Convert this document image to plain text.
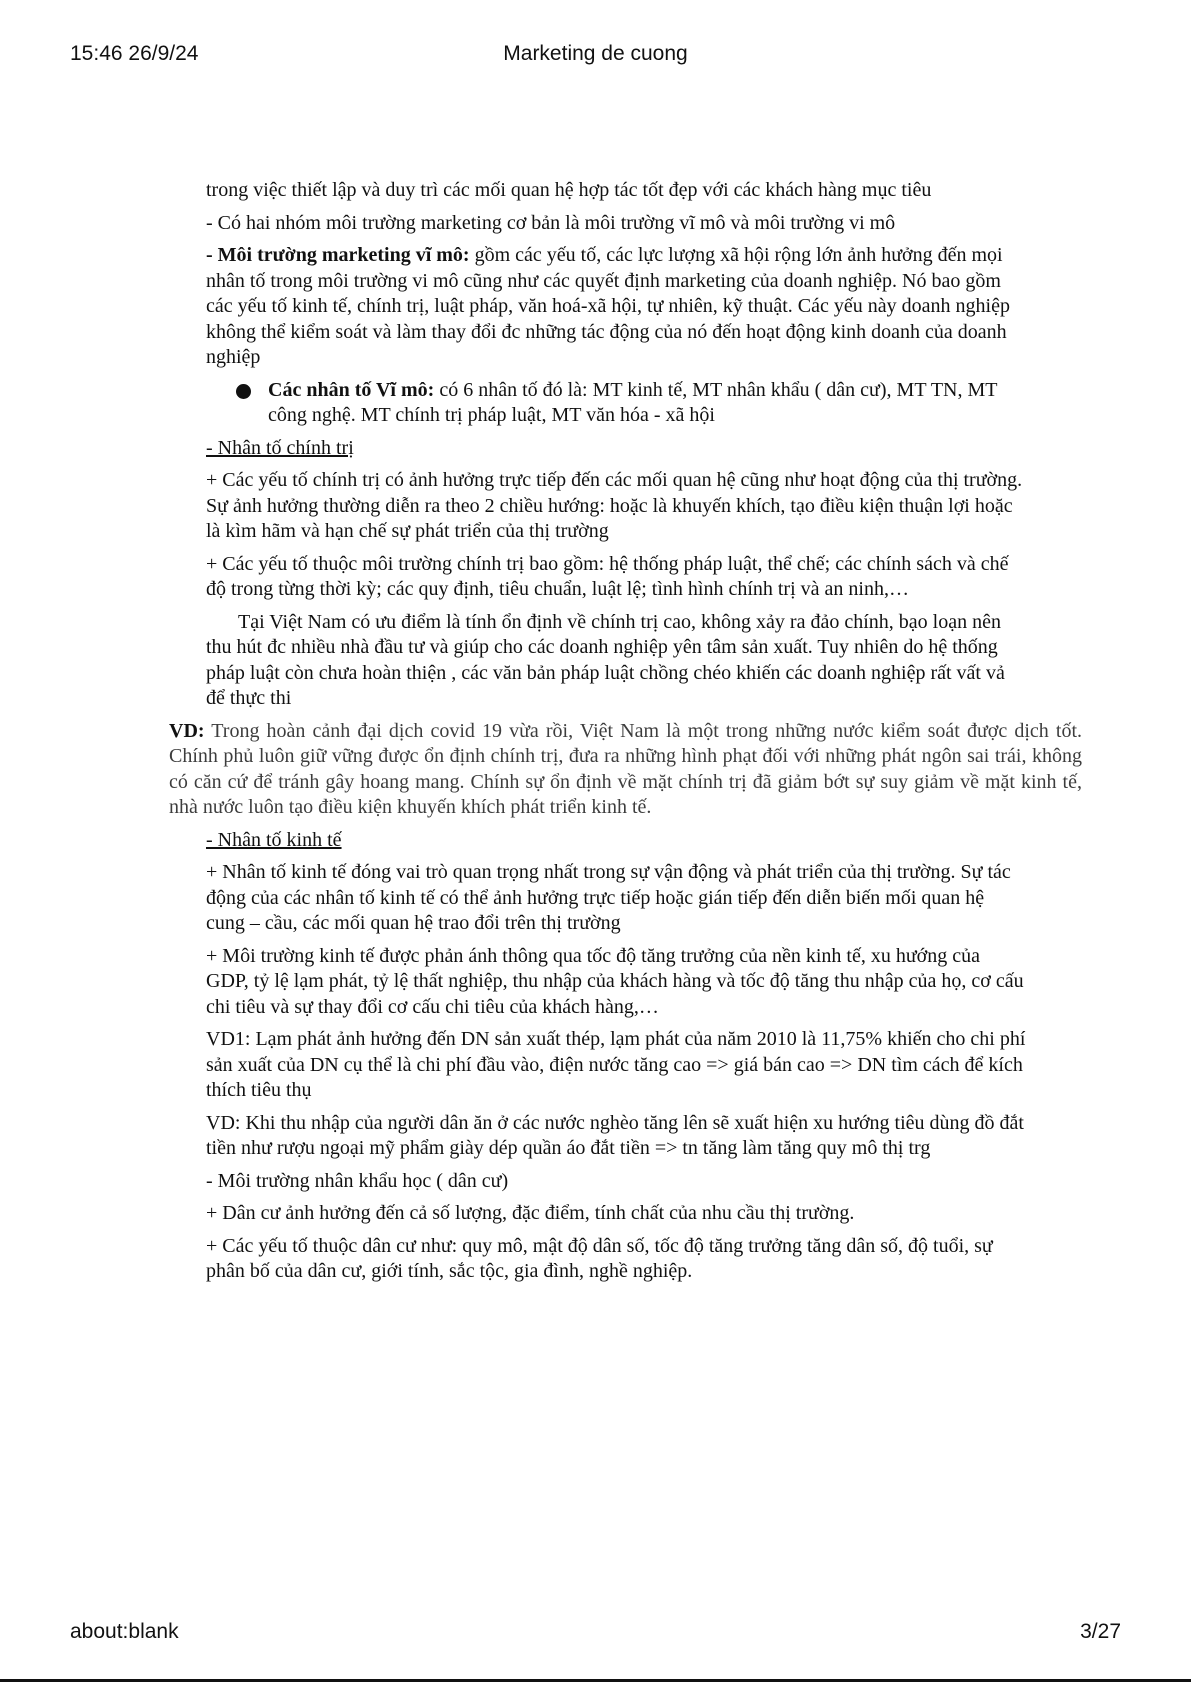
15:46 26/9/24	Marketing de cuong

trong việc thiết lập và duy trì các mối quan hệ hợp tác tốt đẹp với các khách hàng mục tiêu

- Có hai nhóm môi trường marketing cơ bản là môi trường vĩ mô và môi trường vi mô

- Môi trường marketing vĩ mô: gồm các yếu tố, các lực lượng xã hội rộng lớn ảnh hưởng đến mọi nhân tố trong môi trường vi mô cũng như các quyết định marketing của doanh nghiệp. Nó bao gồm các yếu tố kinh tế, chính trị, luật pháp, văn hoá-xã hội, tự nhiên, kỹ thuật. Các yếu này doanh nghiệp không thể kiểm soát và làm thay đổi đc những tác động của nó đến hoạt động kinh doanh của doanh nghiệp

Các nhân tố Vĩ mô: có 6 nhân tố đó là: MT kinh tế, MT nhân khẩu ( dân cư), MT TN, MT công nghệ. MT chính trị pháp luật, MT văn hóa - xã hội

- Nhân tố chính trị

+ Các yếu tố chính trị có ảnh hưởng trực tiếp đến các mối quan hệ cũng như hoạt động của thị trường. Sự ảnh hưởng thường diễn ra theo 2 chiều hướng: hoặc là khuyến khích, tạo điều kiện thuận lợi hoặc là kìm hãm và hạn chế sự phát triển của thị trường

+ Các yếu tố thuộc môi trường chính trị bao gồm: hệ thống pháp luật, thể chế; các chính sách và chế độ trong từng thời kỳ; các quy định, tiêu chuẩn, luật lệ; tình hình chính trị và an ninh,…

Tại Việt Nam có ưu điểm là tính ổn định về chính trị cao, không xảy ra đảo chính, bạo loạn nên thu hút đc nhiều nhà đầu tư và giúp cho các doanh nghiệp yên tâm sản xuất. Tuy nhiên do hệ thống pháp luật còn chưa hoàn thiện , các văn bản pháp luật chồng chéo khiến các doanh nghiệp rất vất vả để thực thi

VD: Trong hoàn cảnh đại dịch covid 19 vừa rồi, Việt Nam là một trong những nước kiểm soát được dịch tốt. Chính phủ luôn giữ vững được ổn định chính trị, đưa ra những hình phạt đối với những phát ngôn sai trái, không có căn cứ để tránh gây hoang mang. Chính sự ổn định về mặt chính trị đã giảm bớt sự suy giảm về mặt kinh tế, nhà nước luôn tạo điều kiện khuyến khích phát triển kinh tế.

- Nhân tố kinh tế

+ Nhân tố kinh tế đóng vai trò quan trọng nhất trong sự vận động và phát triển của thị trường. Sự tác động của các nhân tố kinh tế có thể ảnh hưởng trực tiếp hoặc gián tiếp đến diễn biến mối quan hệ cung – cầu, các mối quan hệ trao đổi trên thị trường

+ Môi trường kinh tế được phản ánh thông qua tốc độ tăng trưởng của nền kinh tế, xu hướng của GDP, tỷ lệ lạm phát, tỷ lệ thất nghiệp, thu nhập của khách hàng và tốc độ tăng thu nhập của họ, cơ cấu chi tiêu và sự thay đổi cơ cấu chi tiêu của khách hàng,…

VD1: Lạm phát ảnh hưởng đến DN sản xuất thép, lạm phát của năm 2010 là 11,75% khiến cho chi phí sản xuất của DN cụ thể là chi phí đầu vào, điện nước tăng cao => giá bán cao => DN tìm cách để kích thích tiêu thụ

VD: Khi thu nhập của người dân ăn ở các nước nghèo tăng lên sẽ xuất hiện xu hướng tiêu dùng đồ đắt tiền như rượu ngoại mỹ phẩm giày dép quần áo đắt tiền => tn tăng làm tăng quy mô thị trg

- Môi trường nhân khẩu học ( dân cư)

+ Dân cư ảnh hưởng đến cả số lượng, đặc điểm, tính chất của nhu cầu thị trường.

+ Các yếu tố thuộc dân cư như: quy mô, mật độ dân số, tốc độ tăng trưởng tăng dân số, độ tuổi, sự phân bố của dân cư, giới tính, sắc tộc, gia đình, nghề nghiệp.

about:blank	3/27
